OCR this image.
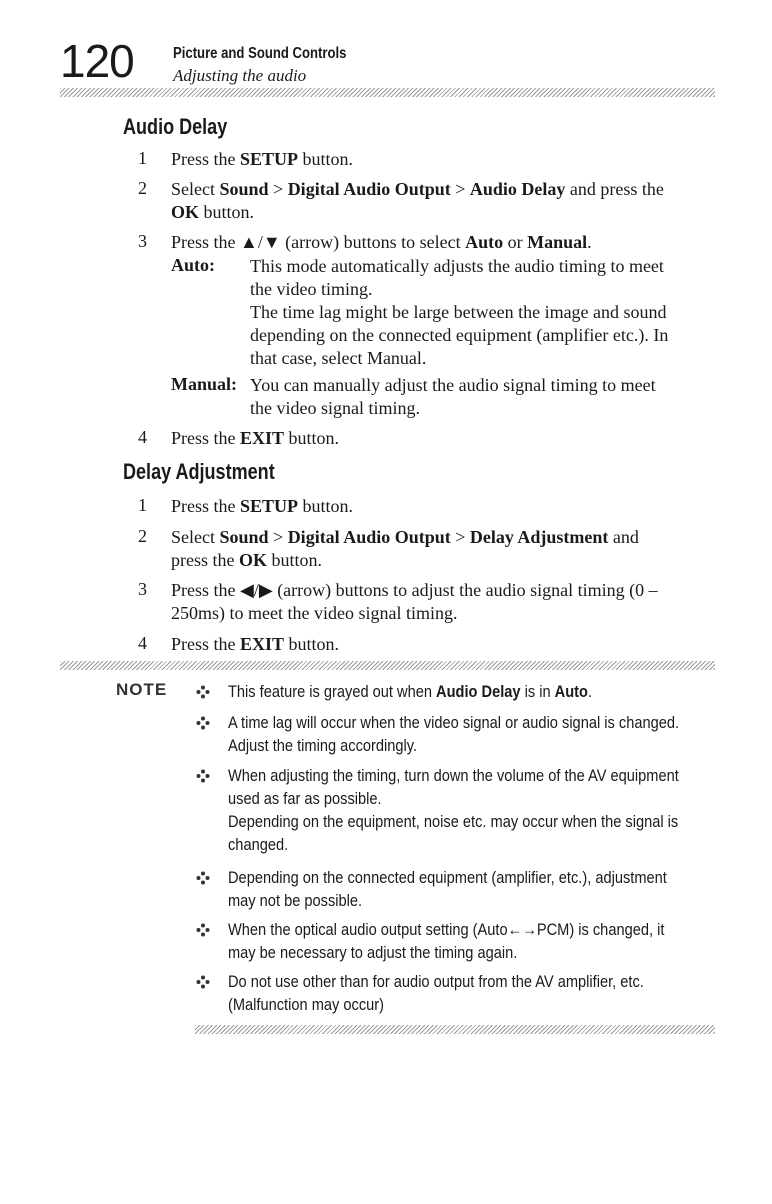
120 Picture and Sound Controls
Adjusting the audio
Audio Delay
1 Press the SETUP button.
2 Select Sound > Digital Audio Output > Audio Delay and press the
OK button.
3 Press the ▲/▼ (arrow) buttons to select Auto or Manual.
Auto: This mode automatically adjusts the audio timing to meet
the video timing.
The time lag might be large between the image and sound
depending on the connected equipment (amplifier etc.). In
that case, select Manual.
Manual: You can manually adjust the audio signal timing to meet
the video signal timing.
4 Press the EXIT button.
Delay Adjustment
1 Press the SETUP button.
2 Select Sound > Digital Audio Output > Delay Adjustment and
press the OK button.
3 Press the ◀/▶ (arrow) buttons to adjust the audio signal timing (0 –
250ms) to meet the video signal timing.
4 Press the EXIT button.
NOTE	This feature is grayed out when Audio Delay is in Auto.
A time lag will occur when the video signal or audio signal is changed.
Adjust the timing accordingly.
When adjusting the timing, turn down the volume of the AV equipment
used as far as possible.
Depending on the equipment, noise etc. may occur when the signal is
changed.
Depending on the connected equipment (amplifier, etc.), adjustment
may not be possible.
When the optical audio output setting (Auto←→PCM) is changed, it
may be necessary to adjust the timing again.
Do not use other than for audio output from the AV amplifier, etc.
(Malfunction may occur)
